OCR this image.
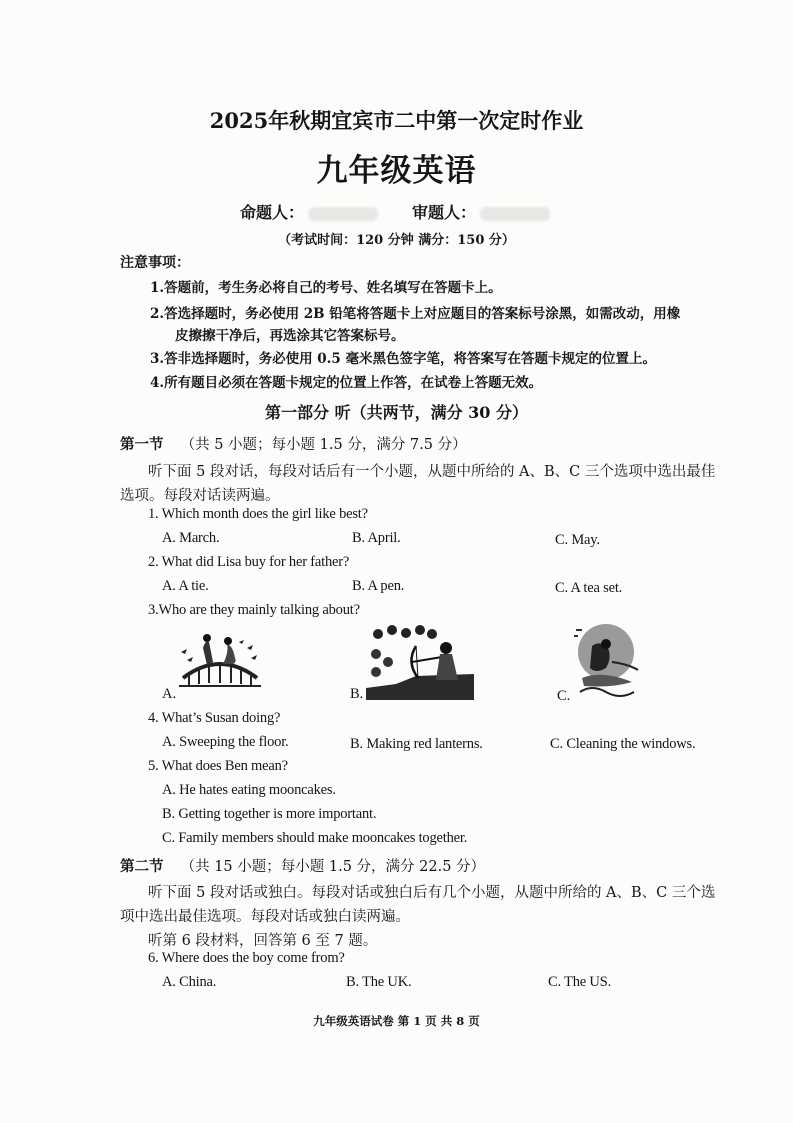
2025年秋期宜宾市二中第一次定时作业
九年级英语
命题人：	审题人：
（考试时间：120 分钟 满分：150 分）
注意事项：
1.答题前，考生务必将自己的考号、姓名填写在答题卡上。
2.答选择题时，务必使用 2B 铅笔将答题卡上对应题目的答案标号涂黑，如需改动，用橡
皮擦擦干净后，再选涂其它答案标号。
3.答非选择题时，务必使用 0.5 毫米黑色签字笔，将答案写在答题卡规定的位置上。
4.所有题目必须在答题卡规定的位置上作答，在试卷上答题无效。
第一部分 听（共两节，满分 30 分）
第一节 （共 5 小题；每小题 1.5 分，满分 7.5 分）
听下面 5 段对话，每段对话后有一个小题，从题中所给的 A、B、C 三个选项中选出最佳
选项。每段对话读两遍。
1. Which month does the girl like best?
A. March.	B. April.	C. May.
2. What did Lisa buy for her father?
A. A tie.	B. A pen.	C. A tea set.
3.Who are they mainly talking about?
A.	B.	C.
4. What’s Susan doing?
A. Sweeping the floor.	B. Making red lanterns.	C. Cleaning the windows.
5. What does Ben mean?
A. He hates eating mooncakes.
B. Getting together is more important.
C. Family members should make mooncakes together.
第二节 （共 15 小题；每小题 1.5 分，满分 22.5 分）
听下面 5 段对话或独白。每段对话或独白后有几个小题，从题中所给的 A、B、C 三个选
项中选出最佳选项。每段对话或独白读两遍。
听第 6 段材料，回答第 6 至 7 题。
6. Where does the boy come from?
A. China.	B. The UK.	C. The US.
九年级英语试卷 第 1 页 共 8 页
